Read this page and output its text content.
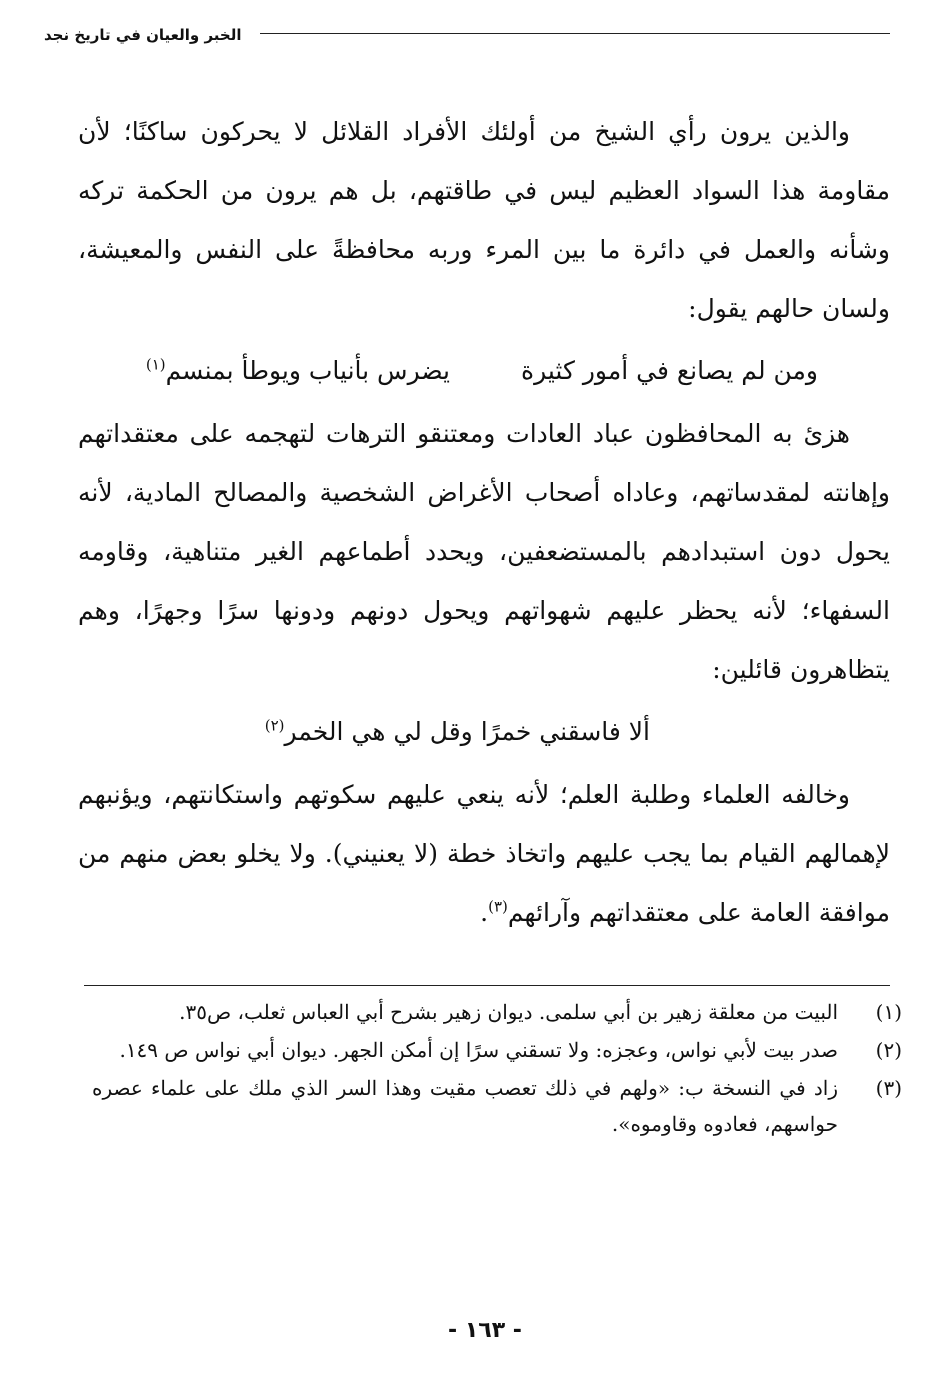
الخبر والعيان في تاريخ نجد

والذين يرون رأي الشيخ من أولئك الأفراد القلائل لا يحركون ساكنًا؛ لأن مقاومة هذا السواد العظيم ليس في طاقتهم، بل هم يرون من الحكمة تركه وشأنه والعمل في دائرة ما بين المرء وربه محافظةً على النفس والمعيشة، ولسان حالهم يقول:

ومن لم يصانع في أمور كثيرة
يضرس بأنياب ويوطأ بمنسم$^{(١)}$

هزئ به المحافظون عباد العادات ومعتنقو الترهات لتهجمه على معتقداتهم وإهانته لمقدساتهم، وعاداه أصحاب الأغراض الشخصية والمصالح المادية، لأنه يحول دون استبدادهم بالمستضعفين، ويحدد أطماعهم الغير متناهية، وقاومه السفهاء؛ لأنه يحظر عليهم شهواتهم ويحول دونهم ودونها سرًا وجهرًا، وهم يتظاهرون قائلين:

ألا فاسقني خمرًا وقل لي هي الخمر$^{(٢)}$

وخالفه العلماء وطلبة العلم؛ لأنه ينعي عليهم سكوتهم واستكانتهم، ويؤنبهم لإهمالهم القيام بما يجب عليهم واتخاذ خطة (لا يعنيني). ولا يخلو بعض منهم من موافقة العامة على معتقداتهم وآرائهم$^{(٣)}$.

(١)
البيت من معلقة زهير بن أبي سلمى. ديوان زهير بشرح أبي العباس ثعلب، ص٣٥.

(٢)
صدر بيت لأبي نواس، وعجزه: ولا تسقني سرًا إن أمكن الجهر. ديوان أبي نواس ص ١٤٩.

(٣)
زاد في النسخة ب: «ولهم في ذلك تعصب مقيت وهذا السر الذي ملك على علماء عصره حواسهم، فعادوه وقاوموه».

- ١٦٣ -
